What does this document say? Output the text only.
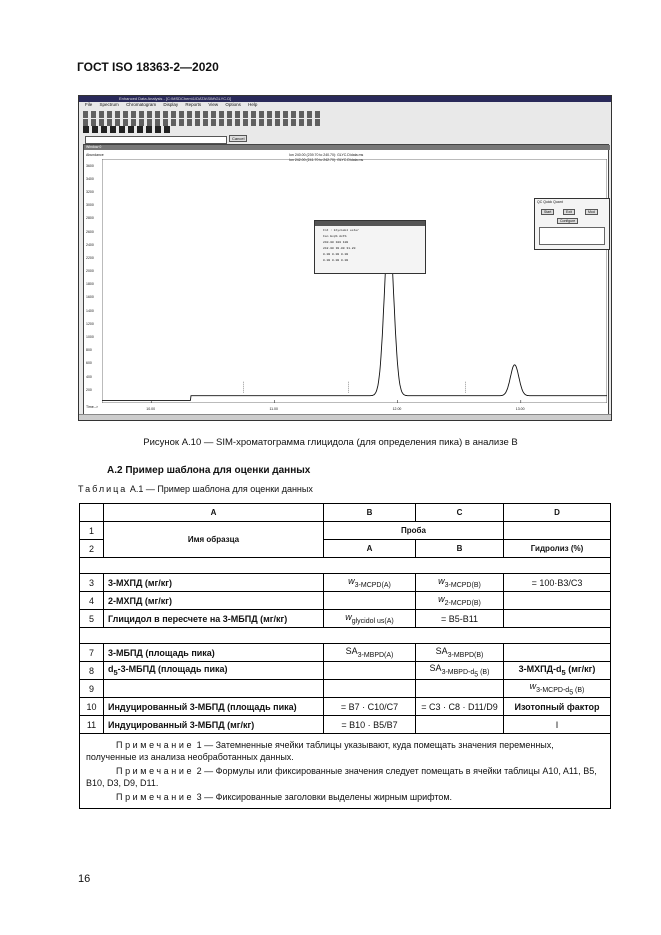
ГОСТ ISO 18363-2—2020
Enhanced Data Analysis - [C:\MSDChem\1\DATA\SIM\GLYC.D]
File Spectrum Chromatogram Display Reports View Options Help
Cancel
Window 0
Abundance	Ion 240.00 (239.70 to 240.70): GLYC.D\data.ms
Ion 242.00 (241.70 to 242.70): GLYC.D\data.ms
3600
3400
3200
3000
2800
2600
2400
2200
2000
1800
1600
1400
1200
1000
800
600
400
200
Time-->	10.00	11.00	12.00	13.00
Int : Glycidol ester
Ion Exp% Act%
240.00 100 100
242.00 30.00 31.20
0.00 0.00 0.00
0.00 0.00 0.00
QC Quick Quant
Start	Exit	Mod
Configure
Рисунок А.10 — SIM-хроматограмма глицидола (для определения пика) в анализе В
А.2 Пример шаблона для оценки данных
Таблица А.1 — Пример шаблона для оценки данных
	A	B	C	D
1	Имя образца	Проба		
2		A	B	Гидролиз (%)

3	3-МХПД (мг/кг)	$w_{3-MCPD(A)}$	$w_{3-MCPD(B)}$	= 100·B3/C3
4	2-МХПД (мг/кг)		$w_{2-MCPD(B)}$	
5	Глицидол в пересчете на 3-МБПД (мг/кг)	$w_{glycidol us(A)}$	= B5-B11	

7	3-МБПД (площадь пика)	$SA_{3-MBPD(A)}$	$SA_{3-MBPD(B)}$	
8	$d_5-3$-МБПД (площадь пика)		$SA_{3-MBPD-d_5 (B)}$	$3-МХПД-d_5$ (мг/кг)
9				$w_{3-MCPD-d_5 (B)}$
10	Индуцированный 3-МБПД (площадь пика)	= B7 · C10/C7	= C3 · C8 · D11/D9	Изотопный фактор
11	Индуцированный 3-МБПД (мг/кг)	= B10 · B5/B7		I

Примечание 1 — Затемненные ячейки таблицы указывают, куда помещать значения переменных, полученные из анализа необработанных данных.

Примечание 2 — Формулы или фиксированные значения следует помещать в ячейки таблицы A10, A11, B5, B10, D3, D9, D11.

Примечание 3 — Фиксированные заголовки выделены жирным шрифтом.				

16
